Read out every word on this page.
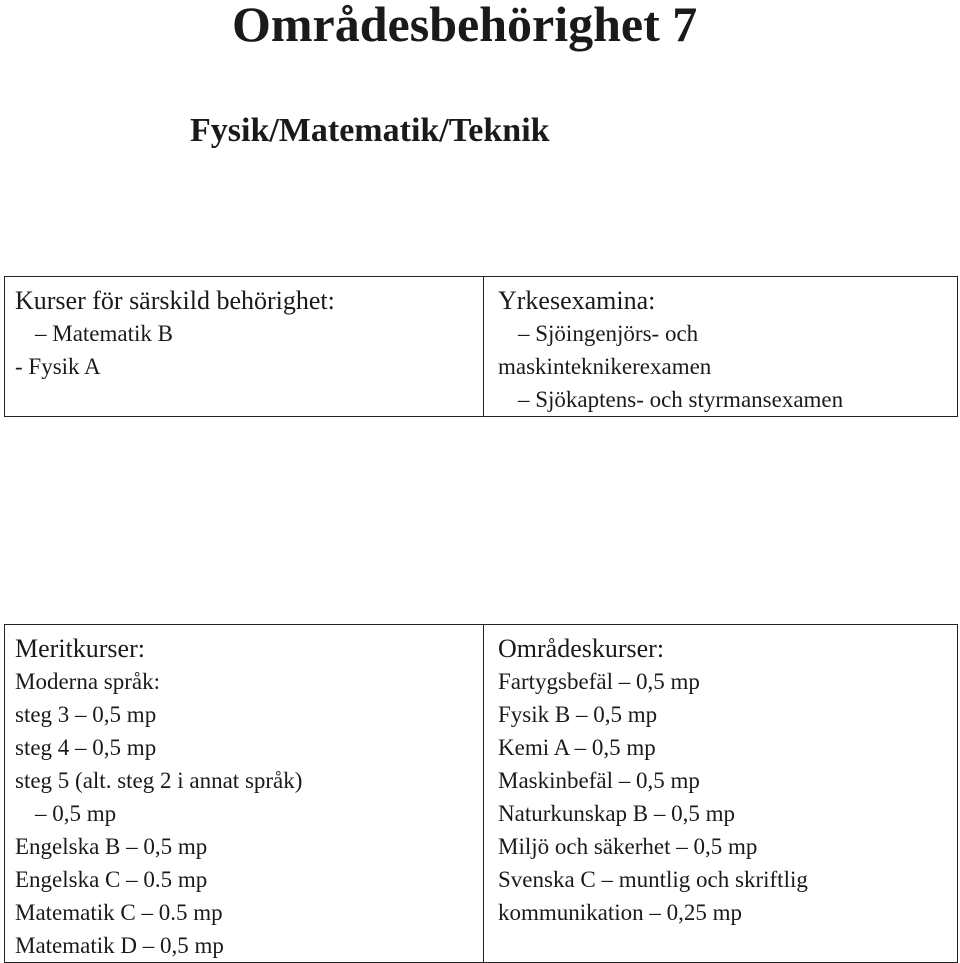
Områdesbehörighet 7
Fysik/Matematik/Teknik
Kurser för särskild behörighet:
– Matematik B
- Fysik A

Yrkesexamina:
– Sjöingenjörs- och
maskinteknikerexamen
– Sjökaptens- och styrmansexamen
Meritkurser:
Moderna språk:
steg 3 – 0,5 mp
steg 4 – 0,5 mp
steg 5 (alt. steg 2 i annat språk)
– 0,5 mp
Engelska B – 0,5 mp
Engelska C – 0.5 mp
Matematik C – 0.5 mp
Matematik D – 0,5 mp

Områdeskurser:
Fartygsbefäl – 0,5 mp
Fysik B – 0,5 mp
Kemi A – 0,5 mp
Maskinbefäl – 0,5 mp
Naturkunskap B – 0,5 mp
Miljö och säkerhet – 0,5 mp
Svenska C – muntlig och skriftlig
kommunikation – 0,25 mp
